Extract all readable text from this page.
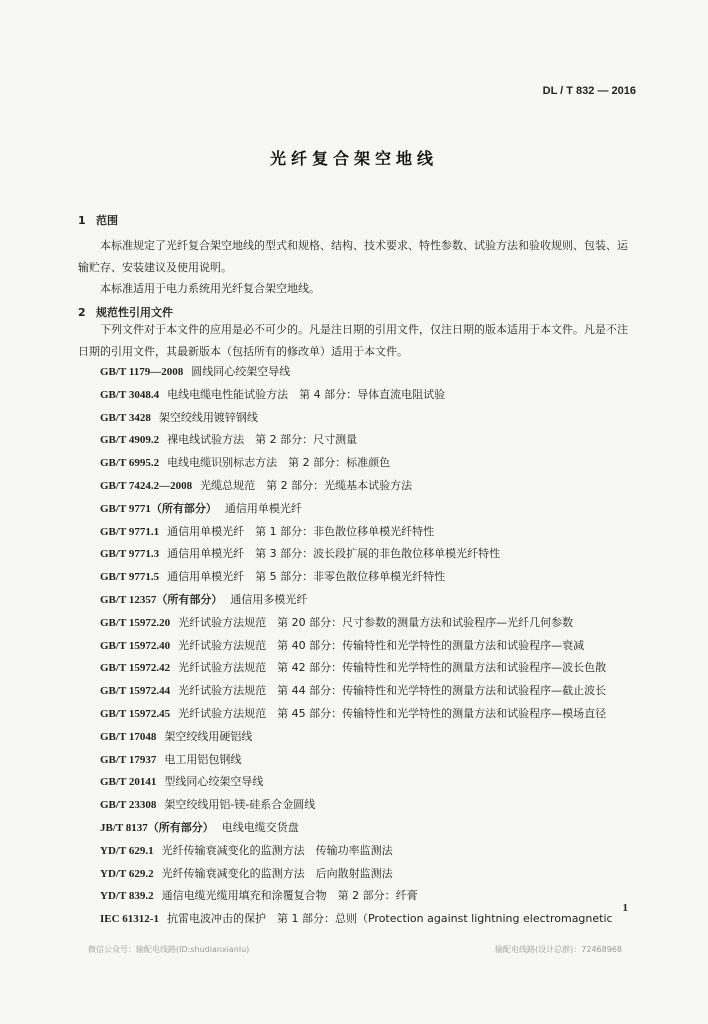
DL / T 832 — 2016
光纤复合架空地线
1 范围

本标准规定了光纤复合架空地线的型式和规格、结构、技术要求、特性参数、试验方法和验收规则、包装、运输贮存、安装建议及使用说明。

本标准适用于电力系统用光纤复合架空地线。

2 规范性引用文件

下列文件对于本文件的应用是必不可少的。凡是注日期的引用文件，仅注日期的版本适用于本文件。凡是不注日期的引用文件，其最新版本（包括所有的修改单）适用于本文件。

GB/T 1179—2008 圆线同心绞架空导线
GB/T 3048.4 电线电缆电性能试验方法　第 4 部分：导体直流电阻试验
GB/T 3428 架空绞线用镀锌钢线
GB/T 4909.2 裸电线试验方法　第 2 部分：尺寸测量
GB/T 6995.2 电线电缆识别标志方法　第 2 部分：标准颜色
GB/T 7424.2—2008 光缆总规范　第 2 部分：光缆基本试验方法
GB/T 9771（所有部分） 通信用单模光纤
GB/T 9771.1 通信用单模光纤　第 1 部分：非色散位移单模光纤特性
GB/T 9771.3 通信用单模光纤　第 3 部分：波长段扩展的非色散位移单模光纤特性
GB/T 9771.5 通信用单模光纤　第 5 部分：非零色散位移单模光纤特性
GB/T 12357（所有部分） 通信用多模光纤
GB/T 15972.20 光纤试验方法规范　第 20 部分：尺寸参数的测量方法和试验程序—光纤几何参数
GB/T 15972.40 光纤试验方法规范　第 40 部分：传输特性和光学特性的测量方法和试验程序—衰减
GB/T 15972.42 光纤试验方法规范　第 42 部分：传输特性和光学特性的测量方法和试验程序—波长色散
GB/T 15972.44 光纤试验方法规范　第 44 部分：传输特性和光学特性的测量方法和试验程序—截止波长
GB/T 15972.45 光纤试验方法规范　第 45 部分：传输特性和光学特性的测量方法和试验程序—模场直径
GB/T 17048 架空绞线用硬铝线
GB/T 17937 电工用铝包钢线
GB/T 20141 型线同心绞架空导线
GB/T 23308 架空绞线用铝-镁-硅系合金圆线
JB/T 8137（所有部分） 电线电缆交货盘
YD/T 629.1 光纤传输衰减变化的监测方法　传输功率监测法
YD/T 629.2 光纤传输衰减变化的监测方法　后向散射监测法
YD/T 839.2 通信电缆光缆用填充和涂覆复合物　第 2 部分：纤膏
IEC 61312-1 抗雷电波冲击的保护　第 1 部分：总则（Protection against lightning electromagnetic
1
微信公众号：输配电线路(ID:shudianxianlu)	输配电线路(设计总群)：72468968
